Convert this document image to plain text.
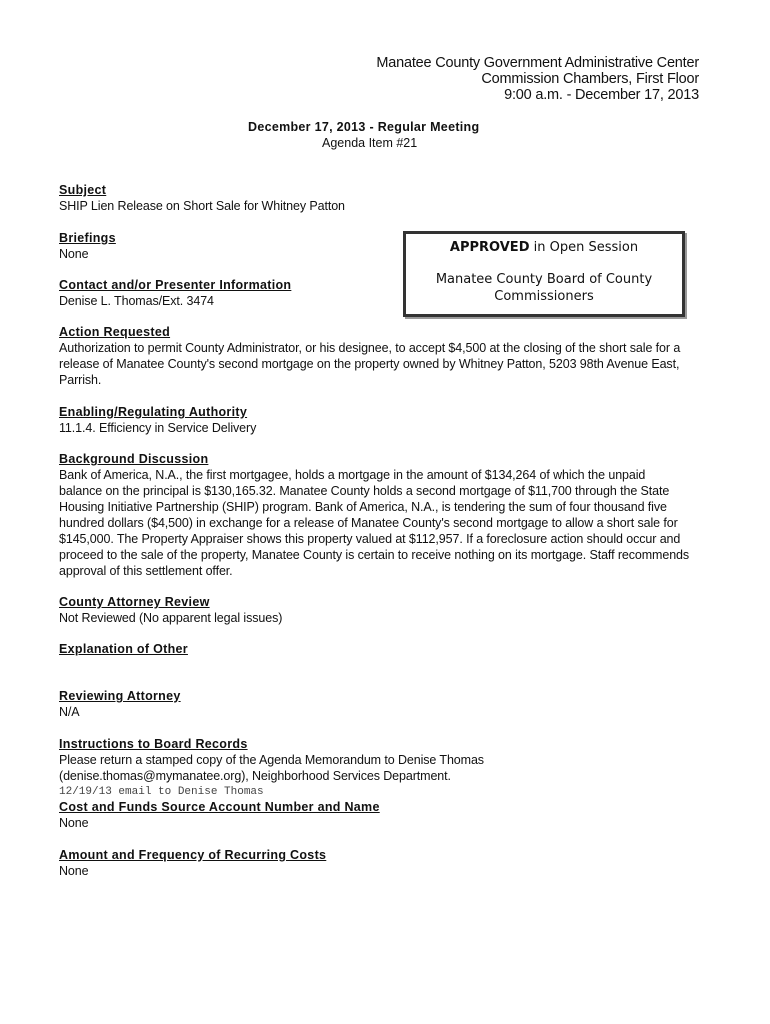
Manatee County Government Administrative Center
Commission Chambers, First Floor
9:00 a.m. - December 17, 2013
December 17, 2013 - Regular Meeting
Agenda Item #21
APPROVED in Open Session
Manatee County Board of County Commissioners
Subject
SHIP Lien Release on Short Sale for Whitney Patton
Briefings
None
Contact and/or Presenter Information
Denise L. Thomas/Ext. 3474
Action Requested
Authorization to permit County Administrator, or his designee, to accept $4,500 at the closing of the short sale for a release of Manatee County's second mortgage on the property owned by Whitney Patton, 5203 98th Avenue East, Parrish.
Enabling/Regulating Authority
11.1.4. Efficiency in Service Delivery
Background Discussion
Bank of America, N.A., the first mortgagee, holds a mortgage in the amount of $134,264 of which the unpaid balance on the principal is $130,165.32. Manatee County holds a second mortgage of $11,700 through the State Housing Initiative Partnership (SHIP) program. Bank of America, N.A., is tendering the sum of four thousand five hundred dollars ($4,500) in exchange for a release of Manatee County's second mortgage to allow a short sale for $145,000. The Property Appraiser shows this property valued at $112,957. If a foreclosure action should occur and proceed to the sale of the property, Manatee County is certain to receive nothing on its mortgage. Staff recommends approval of this settlement offer.
County Attorney Review
Not Reviewed (No apparent legal issues)
Explanation of Other
Reviewing Attorney
N/A
Instructions to Board Records
Please return a stamped copy of the Agenda Memorandum to Denise Thomas (denise.thomas@mymanatee.org), Neighborhood Services Department.
12/19/13 email to Denise Thomas
Cost and Funds Source Account Number and Name
None
Amount and Frequency of Recurring Costs
None
